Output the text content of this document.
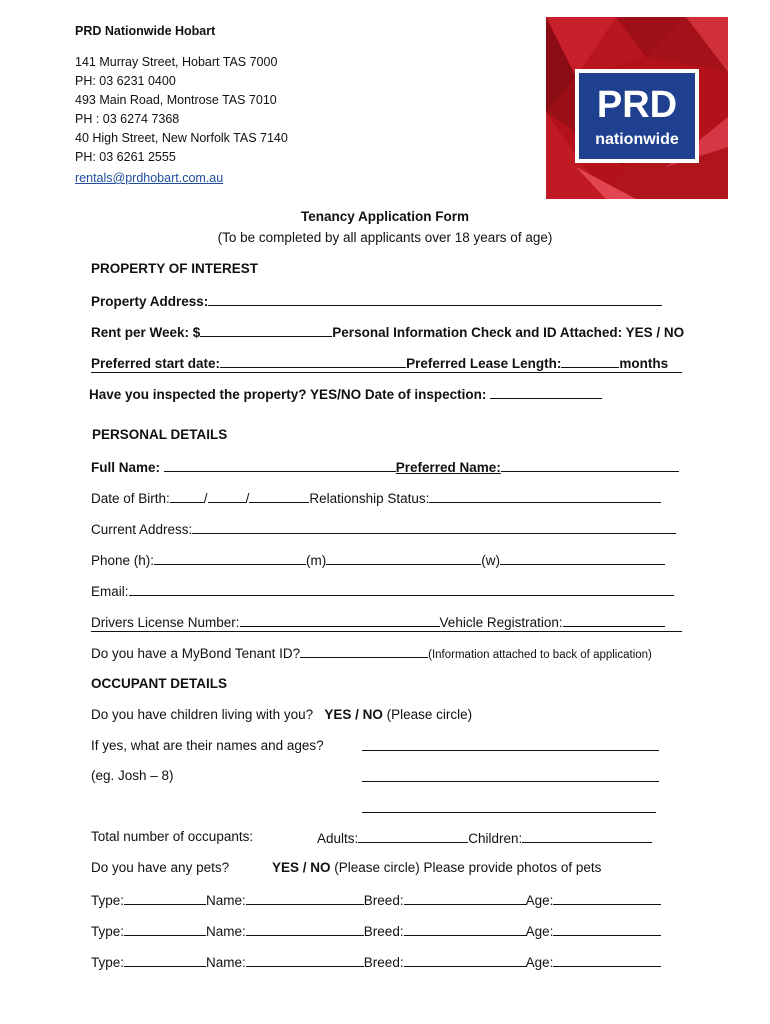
PRD Nationwide Hobart
141 Murray Street, Hobart TAS 7000
PH: 03 6231 0400
493 Main Road, Montrose TAS 7010
PH : 03 6274 7368
40 High Street, New Norfolk TAS 7140
PH: 03 6261 2555
rentals@prdhobart.com.au
PRD
nationwide
Tenancy Application Form
(To be completed by all applicants over 18 years of age)
PROPERTY OF INTEREST
Property Address:
Rent per Week: $	Personal Information Check and ID Attached: YES / NO
Preferred start date:	Preferred Lease Length:	months
Have you inspected the property? YES/NO Date of inspection:
PERSONAL DETAILS
Full Name:	Preferred Name:
Date of Birth:	/	/	Relationship Status:
Current Address:
Phone (h):	(m)	(w)
Email:
Drivers License Number:	Vehicle Registration:
Do you have a MyBond Tenant ID?	(Information attached to back of application)
OCCUPANT DETAILS
Do you have children living with you? YES / NO (Please circle)
If yes, what are their names and ages?
(eg. Josh – 8)
Total number of occupants:	Adults:	Children:
Do you have any pets?	YES / NO (Please circle) Please provide photos of pets
Type:	Name:	Breed:	Age:
Type:	Name:	Breed:	Age:
Type:	Name:	Breed:	Age:
